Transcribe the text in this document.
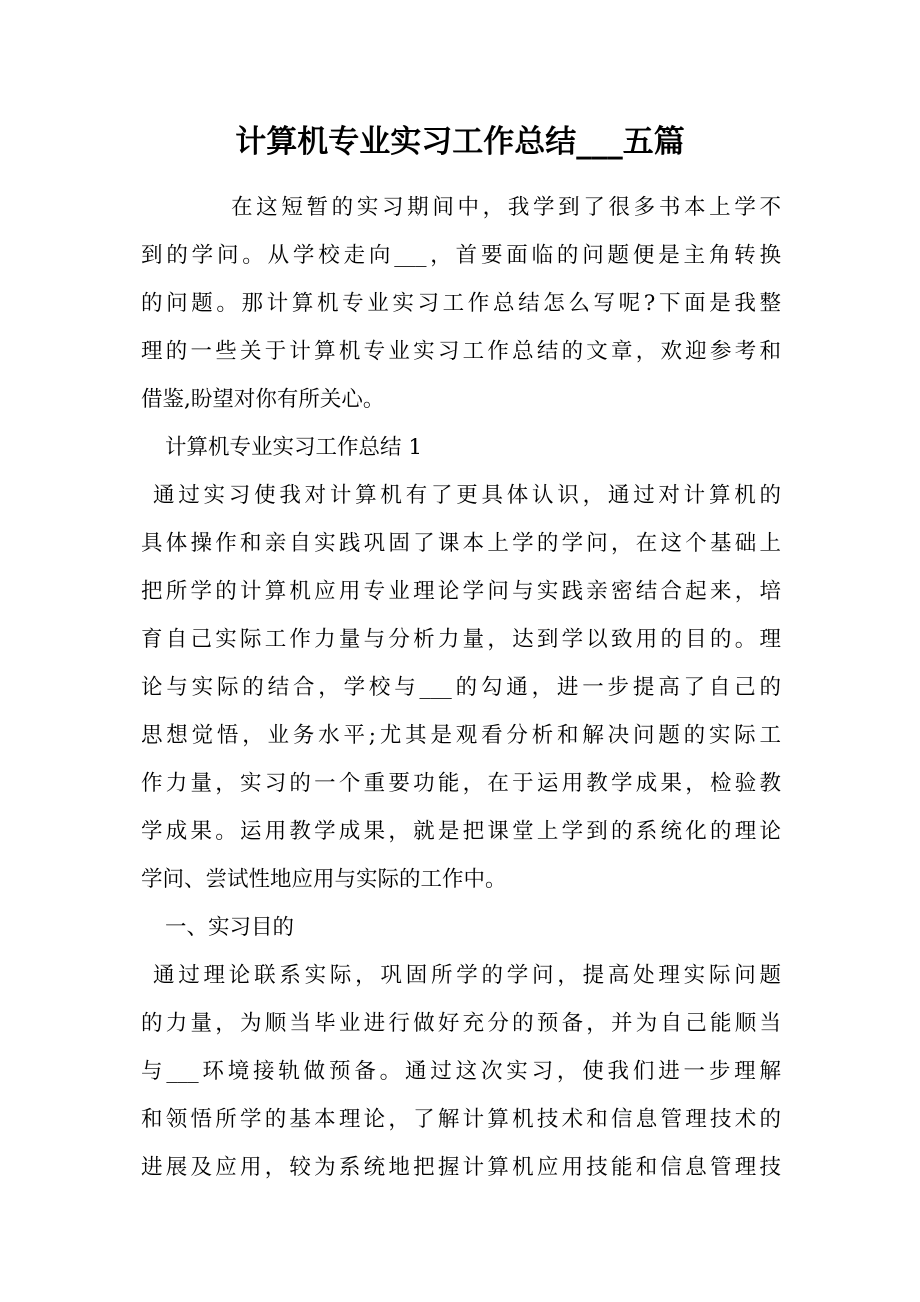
计算机专业实习工作总结___五篇
在这短暂的实习期间中，我学到了很多书本上学不
到的学问。从学校走向___，首要面临的问题便是主角转换
的问题。那计算机专业实习工作总结怎么写呢?下面是我整
理的一些关于计算机专业实习工作总结的文章，欢迎参考和
借鉴,盼望对你有所关心。
计算机专业实习工作总结 1
通过实习使我对计算机有了更具体认识，通过对计算机的
具体操作和亲自实践巩固了课本上学的学问，在这个基础上
把所学的计算机应用专业理论学问与实践亲密结合起来，培
育自己实际工作力量与分析力量，达到学以致用的目的。理
论与实际的结合，学校与___的勾通，进一步提高了自己的
思想觉悟，业务水平;尤其是观看分析和解决问题的实际工
作力量，实习的一个重要功能，在于运用教学成果，检验教
学成果。运用教学成果，就是把课堂上学到的系统化的理论
学问、尝试性地应用与实际的工作中。
一、实习目的
通过理论联系实际，巩固所学的学问，提高处理实际问题
的力量，为顺当毕业进行做好充分的预备，并为自己能顺当
与___环境接轨做预备。通过这次实习，使我们进一步理解
和领悟所学的基本理论，了解计算机技术和信息管理技术的
进展及应用，较为系统地把握计算机应用技能和信息管理技
